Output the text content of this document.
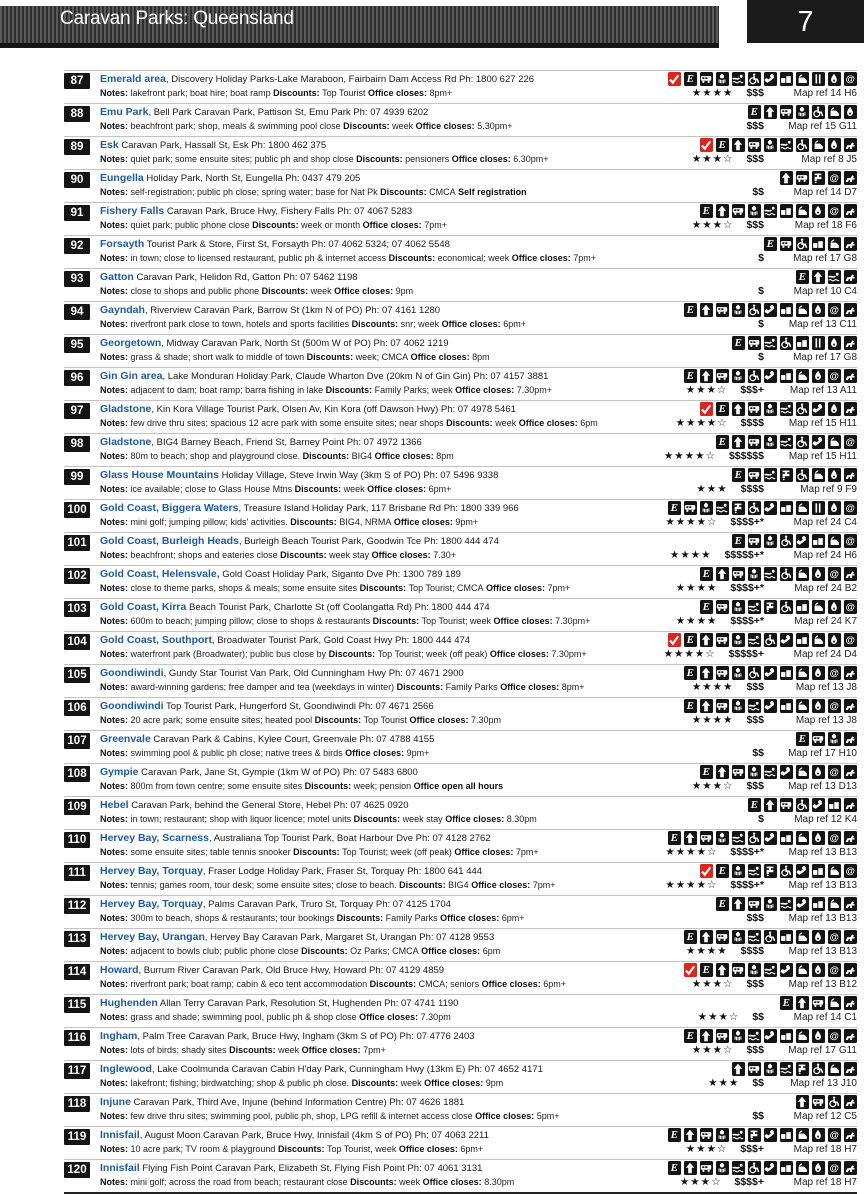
Caravan Parks: Queensland	7
87	Emerald area, Discovery Holiday Parks-Lake Maraboon, Fairbairn Dam Access Rd Ph: 1800 627 226
Notes: lakefront park; boat hire; boat ramp Discounts: Top Tourist Office closes: 8pm+
E	@
★★★★ $$$	Map ref 14 H6
88	Emu Park, Bell Park Caravan Park, Pattison St, Emu Park Ph: 07 4939 6202
Notes: beachfront park; shop, meals & swimming pool close Discounts: week Office closes: 5.30pm+
E
$$$	Map ref 15 G11
89	Esk Caravan Park, Hassall St, Esk Ph: 1800 462 375
Notes: quiet park; some ensuite sites; public ph and shop close Discounts: pensioners Office closes: 6.30pm+
E
★★★☆ $$$	Map ref 8 J5
90	Eungella Holiday Park, North St, Eungella Ph: 0437 479 205
Notes: self-registration; public ph close; spring water; base for Nat Pk Discounts: CMCA Self registration
@
$$	Map ref 14 D7
91	Fishery Falls Caravan Park, Bruce Hwy, Fishery Falls Ph: 07 4067 5283
Notes: quiet park; public phone close Discounts: week or month Office closes: 7pm+
E	@
★★★☆ $$$	Map ref 18 F6
92	Forsayth Tourist Park & Store, First St, Forsayth Ph: 07 4062 5324; 07 4062 5548
Notes: in town; close to licensed restaurant, public ph & internet access Discounts: economical; week Office closes: 7pm+
E
$	Map ref 17 G8
93	Gatton Caravan Park, Helidon Rd, Gatton Ph: 07 5462 1198
Notes: close to shops and public phone Discounts: week Office closes: 9pm
E
$	Map ref 10 C4
94	Gayndah, Riverview Caravan Park, Barrow St (1km N of PO) Ph: 07 4161 1280
Notes: riverfront park close to town, hotels and sports facilities Discounts: snr; week Office closes: 6pm+
E	@
$	Map ref 13 C11
95	Georgetown, Midway Caravan Park, North St (500m W of PO) Ph: 07 4062 1219
Notes: grass & shade; short walk to middle of town Discounts: week; CMCA Office closes: 8pm
E
$	Map ref 17 G8
96	Gin Gin area, Lake Monduran Holiday Park, Claude Wharton Dve (20km N of Gin Gin) Ph: 07 4157 3881
Notes: adjacent to dam; boat ramp; barra fishing in lake Discounts: Family Parks; week Office closes: 7.30pm+
E	@
★★★☆ $$$+	Map ref 13 A11
97	Gladstone, Kin Kora Village Tourist Park, Olsen Av, Kin Kora (off Dawson Hwy) Ph: 07 4978 5461
Notes: few drive thru sites; spacious 12 acre park with some ensuite sites; near shops Discounts: week Office closes: 6pm
E
★★★★☆ $$$$	Map ref 15 H11
98	Gladstone, BIG4 Barney Beach, Friend St, Barney Point Ph: 07 4972 1366
Notes: 80m to beach; shop and playground close. Discounts: BIG4 Office closes: 8pm
E	@
★★★★☆ $$$$$$	Map ref 15 H11
99	Glass House Mountains Holiday Village, Steve Irwin Way (3km S of PO) Ph: 07 5496 9338
Notes: ice available; close to Glass House Mtns Discounts: week Office closes: 6pm+
E
★★★ $$$$	Map ref 9 F9
100	Gold Coast, Biggera Waters, Treasure Island Holiday Park, 117 Brisbane Rd Ph: 1800 339 966
Notes: mini golf; jumping pillow; kids' activities. Discounts: BIG4, NRMA Office closes: 9pm+
E	@
★★★★☆ $$$$+*	Map ref 24 C4
101	Gold Coast, Burleigh Heads, Burleigh Beach Tourist Park, Goodwin Tce Ph: 1800 444 474
Notes: beachfront; shops and eateries close Discounts: week stay Office closes: 7.30+
E	@
★★★★ $$$$$+*	Map ref 24 H6
102	Gold Coast, Helensvale, Gold Coast Holiday Park, Siganto Dve Ph: 1300 789 189
Notes: close to theme parks, shops & meals; some ensuite sites Discounts: Top Tourist; CMCA Office closes: 7pm+
E	@
★★★★ $$$$+*	Map ref 24 B2
103	Gold Coast, Kirra Beach Tourist Park, Charlotte St (off Coolangatta Rd) Ph: 1800 444 474
Notes: 600m to beach; jumping pillow; close to shops & restaurants Discounts: Top Tourist; week Office closes: 7.30pm+
E	@
★★★★ $$$$+*	Map ref 24 K7
104	Gold Coast, Southport, Broadwater Tourist Park, Gold Coast Hwy Ph: 1800 444 474
Notes: waterfront park (Broadwater); public bus close by Discounts: Top Tourist; week (off peak) Office closes: 7.30pm+
E	@
★★★★☆ $$$$$+	Map ref 24 D4
105	Goondiwindi, Gundy Star Tourist Van Park, Old Cunningham Hwy Ph: 07 4671 2900
Notes: award-winning gardens; free damper and tea (weekdays in winter) Discounts: Family Parks Office closes: 8pm+
E	@
★★★★ $$$	Map ref 13 J8
106	Goondiwindi Top Tourist Park, Hungerford St, Goondiwindi Ph: 07 4671 2566
Notes: 20 acre park; some ensuite sites; heated pool Discounts: Top Tourist Office closes: 7.30pm
E	@
★★★★ $$$	Map ref 13 J8
107	Greenvale Caravan Park & Cabins, Kylee Court, Greenvale Ph: 07 4788 4155
Notes: swimming pool & public ph close; native trees & birds Office closes: 9pm+
E
$$	Map ref 17 H10
108	Gympie Caravan Park, Jane St, Gympie (1km W of PO) Ph: 07 5483 6800
Notes: 800m from town centre; some ensuite sites Discounts: week; pension Office open all hours
E	@
★★★☆ $$$	Map ref 13 D13
109	Hebel Caravan Park, behind the General Store, Hebel Ph: 07 4625 0920
Notes: in town; restaurant; shop with liquor licence; motel units Discounts: week stay Office closes: 8.30pm
E
$	Map ref 12 K4
110	Hervey Bay, Scarness, Australiana Top Tourist Park, Boat Harbour Dve Ph: 07 4128 2762
Notes: some ensuite sites; table tennis snooker Discounts: Top Tourist; week (off peak) Office closes: 7pm+
E	@
★★★★☆ $$$$+*	Map ref 13 B13
111	Hervey Bay, Torquay, Fraser Lodge Holiday Park, Fraser St, Torquay Ph: 1800 641 444
Notes: tennis; games room, tour desk; some ensuite sites; close to beach. Discounts: BIG4 Office closes: 7pm+
E	@
★★★★☆ $$$$+*	Map ref 13 B13
112	Hervey Bay, Torquay, Palms Caravan Park, Truro St, Torquay Ph: 07 4125 1704
Notes: 300m to beach, shops & restaurants; tour bookings Discounts: Family Parks Office closes: 6pm+
E
$$$	Map ref 13 B13
113	Hervey Bay, Urangan, Hervey Bay Caravan Park, Margaret St, Urangan Ph: 07 4128 9553
Notes: adjacent to bowls club; public phone close Discounts: Oz Parks; CMCA Office closes: 6pm
E	@
★★★★ $$$$	Map ref 13 B13
114	Howard, Burrum River Caravan Park, Old Bruce Hwy, Howard Ph: 07 4129 4859
Notes: riverfront park; boat ramp; cabin & eco tent accommodation Discounts: CMCA; seniors Office closes: 6pm+
E	@
★★★☆ $$$	Map ref 13 B12
115	Hughenden Allan Terry Caravan Park, Resolution St, Hughenden Ph: 07 4741 1190
Notes: grass and shade; swimming pool, public ph & shop close Office closes: 7.30pm
E
★★★☆ $$	Map ref 14 C1
116	Ingham, Palm Tree Caravan Park, Bruce Hwy, Ingham (3km S of PO) Ph: 07 4776 2403
Notes: lots of birds; shady sites Discounts: week Office closes: 7pm+
E	@
★★★☆ $$$	Map ref 17 G11
117	Inglewood, Lake Coolmunda Caravan Cabin H'day Park, Cunningham Hwy (13km E) Ph: 07 4652 4171
Notes: lakefront; fishing; birdwatching; shop & public ph close. Discounts: week Office closes: 9pm	★★★ $$	Map ref 13 J10
118	Injune Caravan Park, Third Ave, Injune (behind Information Centre) Ph: 07 4626 1881
Notes: few drive thru sites; swimming pool, public ph, shop, LPG refill & internet access close Office closes: 5pm+	$$	Map ref 12 C5
119	Innisfail, August Moon Caravan Park, Bruce Hwy, Innisfail (4km S of PO) Ph: 07 4063 2211
Notes: 10 acre park; TV room & playground Discounts: Top Tourist, week Office closes: 6pm+
E	@
★★★☆ $$$+	Map ref 18 H7
120	Innisfail Flying Fish Point Caravan Park, Elizabeth St, Flying Fish Point Ph: 07 4061 3131
Notes: mini golf; across the road from beach; restaurant close Discounts: week Office closes: 8.30pm
E	@
★★★☆ $$$$+	Map ref 18 H7
